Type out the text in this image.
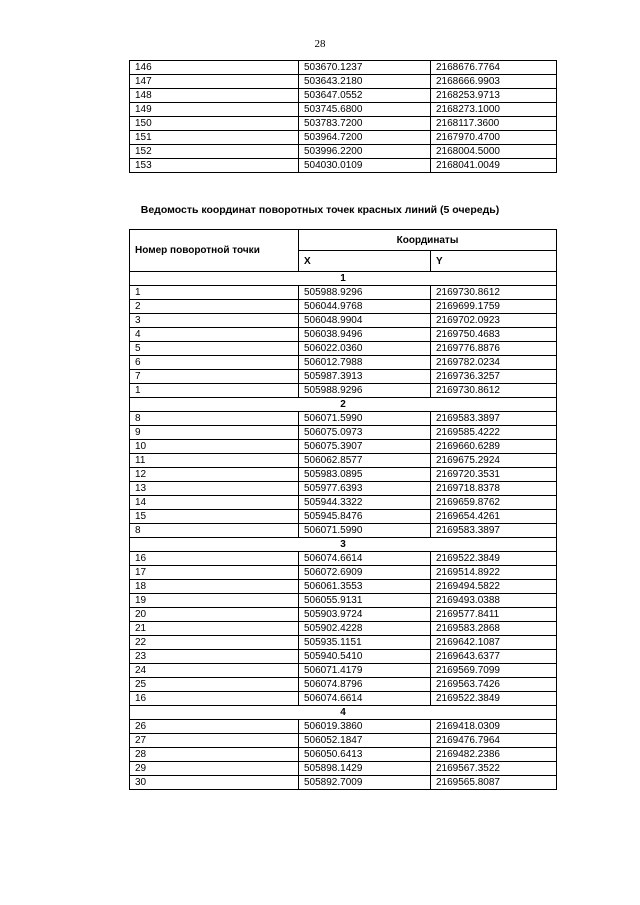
28
146	503670.1237	2168676.7764
147	503643.2180	2168666.9903
148	503647.0552	2168253.9713
149	503745.6800	2168273.1000
150	503783.7200	2168117.3600
151	503964.7200	2167970.4700
152	503996.2200	2168004.5000
153	504030.0109	2168041.0049
Ведомость координат поворотных точек красных линий (5 очередь)
Номер поворотной точки	Координаты	
	X	Y
1		
1	505988.9296	2169730.8612
2	506044.9768	2169699.1759
3	506048.9904	2169702.0923
4	506038.9496	2169750.4683
5	506022.0360	2169776.8876
6	506012.7988	2169782.0234
7	505987.3913	2169736.3257
1	505988.9296	2169730.8612
2		
8	506071.5990	2169583.3897
9	506075.0973	2169585.4222
10	506075.3907	2169660.6289
11	506062.8577	2169675.2924
12	505983.0895	2169720.3531
13	505977.6393	2169718.8378
14	505944.3322	2169659.8762
15	505945.8476	2169654.4261
8	506071.5990	2169583.3897
3		
16	506074.6614	2169522.3849
17	506072.6909	2169514.8922
18	506061.3553	2169494.5822
19	506055.9131	2169493.0388
20	505903.9724	2169577.8411
21	505902.4228	2169583.2868
22	505935.1151	2169642.1087
23	505940.5410	2169643.6377
24	506071.4179	2169569.7099
25	506074.8796	2169563.7426
16	506074.6614	2169522.3849
4		
26	506019.3860	2169418.0309
27	506052.1847	2169476.7964
28	506050.6413	2169482.2386
29	505898.1429	2169567.3522
30	505892.7009	2169565.8087
